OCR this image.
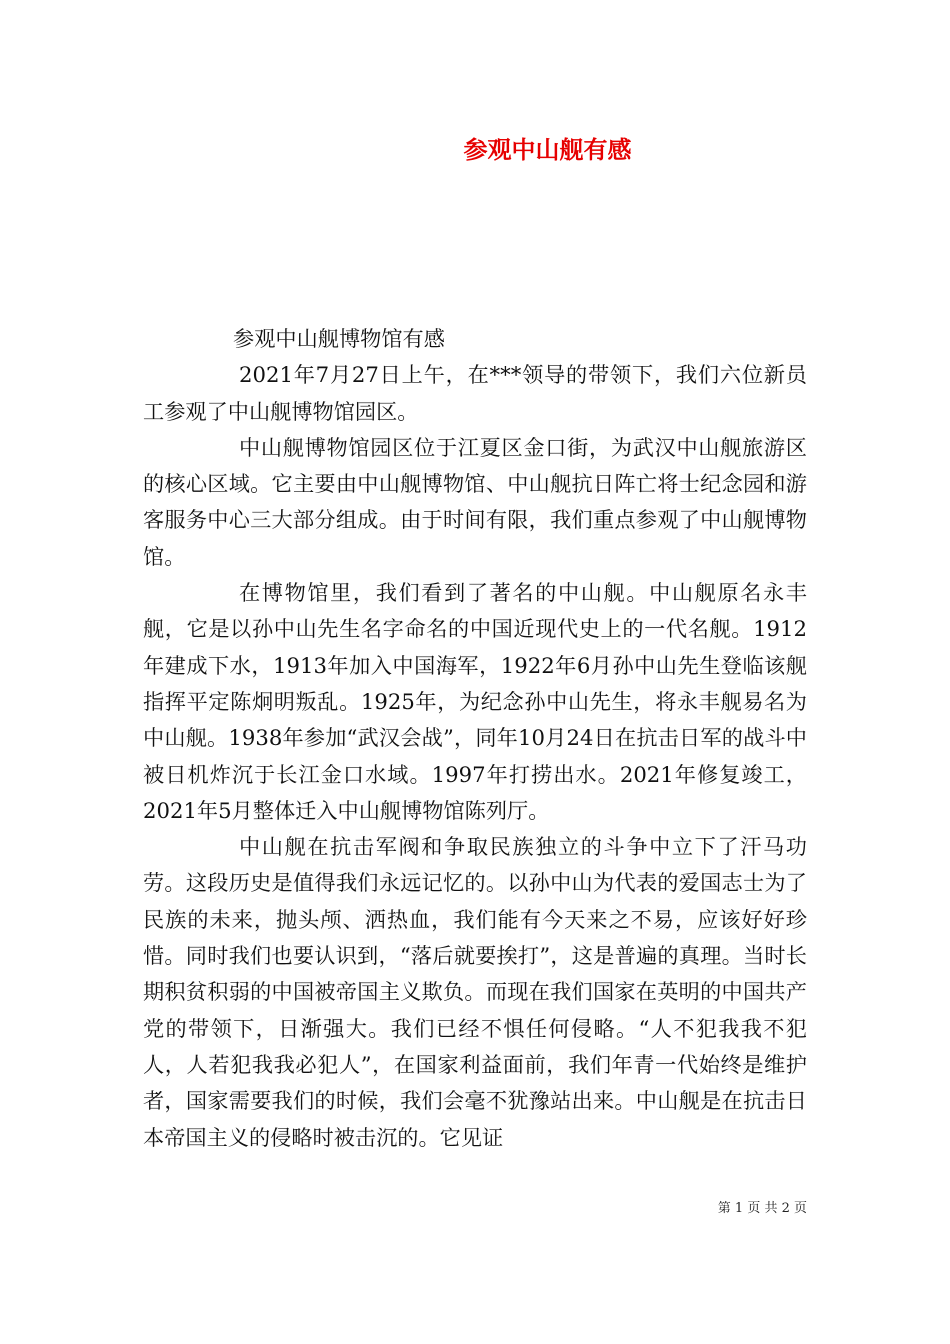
参观中山舰有感

参观中山舰博物馆有感

2021年7月27日上午，在***领导的带领下，我们六位新员工参观了中山舰博物馆园区。

中山舰博物馆园区位于江夏区金口街，为武汉中山舰旅游区的核心区域。它主要由中山舰博物馆、中山舰抗日阵亡将士纪念园和游客服务中心三大部分组成。由于时间有限，我们重点参观了中山舰博物馆。

在博物馆里，我们看到了著名的中山舰。中山舰原名永丰舰，它是以孙中山先生名字命名的中国近现代史上的一代名舰。1912年建成下水，1913年加入中国海军，1922年6月孙中山先生登临该舰指挥平定陈炯明叛乱。1925年，为纪念孙中山先生，将永丰舰易名为中山舰。1938年参加“武汉会战”，同年10月24日在抗击日军的战斗中被日机炸沉于长江金口水域。1997年打捞出水。2021年修复竣工，2021年5月整体迁入中山舰博物馆陈列厅。

中山舰在抗击军阀和争取民族独立的斗争中立下了汗马功劳。这段历史是值得我们永远记忆的。以孙中山为代表的爱国志士为了民族的未来，抛头颅、洒热血，我们能有今天来之不易，应该好好珍惜。同时我们也要认识到，“落后就要挨打”，这是普遍的真理。当时长期积贫积弱的中国被帝国主义欺负。而现在我们国家在英明的中国共产党的带领下，日渐强大。我们已经不惧任何侵略。“人不犯我我不犯人，人若犯我我必犯人”，在国家利益面前，我们年青一代始终是维护者，国家需要我们的时候，我们会毫不犹豫站出来。中山舰是在抗击日本帝国主义的侵略时被击沉的。它见证

第 1 页 共 2 页
